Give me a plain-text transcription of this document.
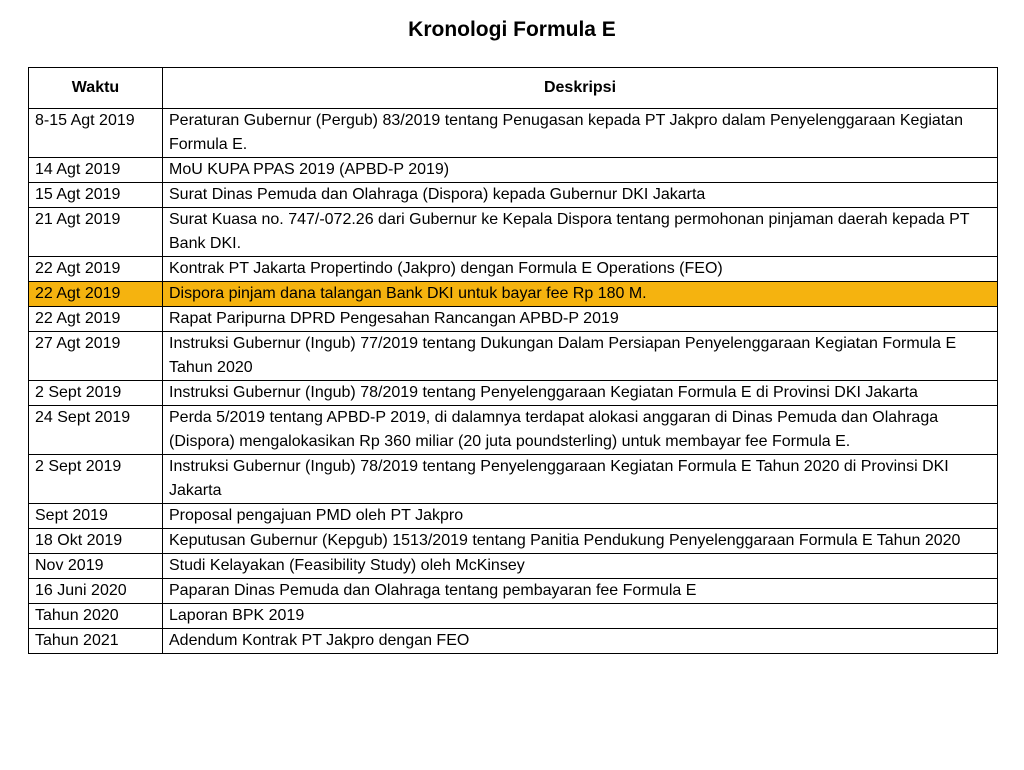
Kronologi Formula E
Waktu	Deskripsi
8-15 Agt 2019	Peraturan Gubernur (Pergub) 83/2019 tentang Penugasan kepada PT Jakpro dalam Penyelenggaraan Kegiatan Formula E.
14 Agt 2019	MoU KUPA PPAS 2019 (APBD-P 2019)
15 Agt 2019	Surat Dinas Pemuda dan Olahraga (Dispora) kepada Gubernur DKI Jakarta
21 Agt 2019	Surat Kuasa no. 747/-072.26 dari Gubernur ke Kepala Dispora tentang permohonan pinjaman daerah kepada PT Bank DKI.
22 Agt 2019	Kontrak PT Jakarta Propertindo (Jakpro) dengan Formula E Operations (FEO)
22 Agt 2019	Dispora pinjam dana talangan Bank DKI untuk bayar fee Rp 180 M.
22 Agt 2019	Rapat Paripurna DPRD Pengesahan Rancangan APBD-P 2019
27 Agt 2019	Instruksi Gubernur (Ingub) 77/2019 tentang Dukungan Dalam Persiapan Penyelenggaraan Kegiatan Formula E Tahun 2020
2 Sept 2019	Instruksi Gubernur (Ingub) 78/2019 tentang Penyelenggaraan Kegiatan Formula E di Provinsi DKI Jakarta
24 Sept 2019	Perda 5/2019 tentang APBD-P 2019, di dalamnya terdapat alokasi anggaran di Dinas Pemuda dan Olahraga (Dispora) mengalokasikan Rp 360 miliar (20 juta poundsterling) untuk membayar fee Formula E.
2 Sept 2019	Instruksi Gubernur (Ingub) 78/2019 tentang Penyelenggaraan Kegiatan Formula E Tahun 2020 di Provinsi DKI Jakarta
Sept 2019	Proposal pengajuan PMD oleh PT Jakpro
18 Okt 2019	Keputusan Gubernur (Kepgub) 1513/2019 tentang Panitia Pendukung Penyelenggaraan Formula E Tahun 2020
Nov 2019	Studi Kelayakan (Feasibility Study) oleh McKinsey
16 Juni 2020	Paparan Dinas Pemuda dan Olahraga tentang pembayaran fee Formula E
Tahun 2020	Laporan BPK 2019
Tahun 2021	Adendum Kontrak PT Jakpro dengan FEO
